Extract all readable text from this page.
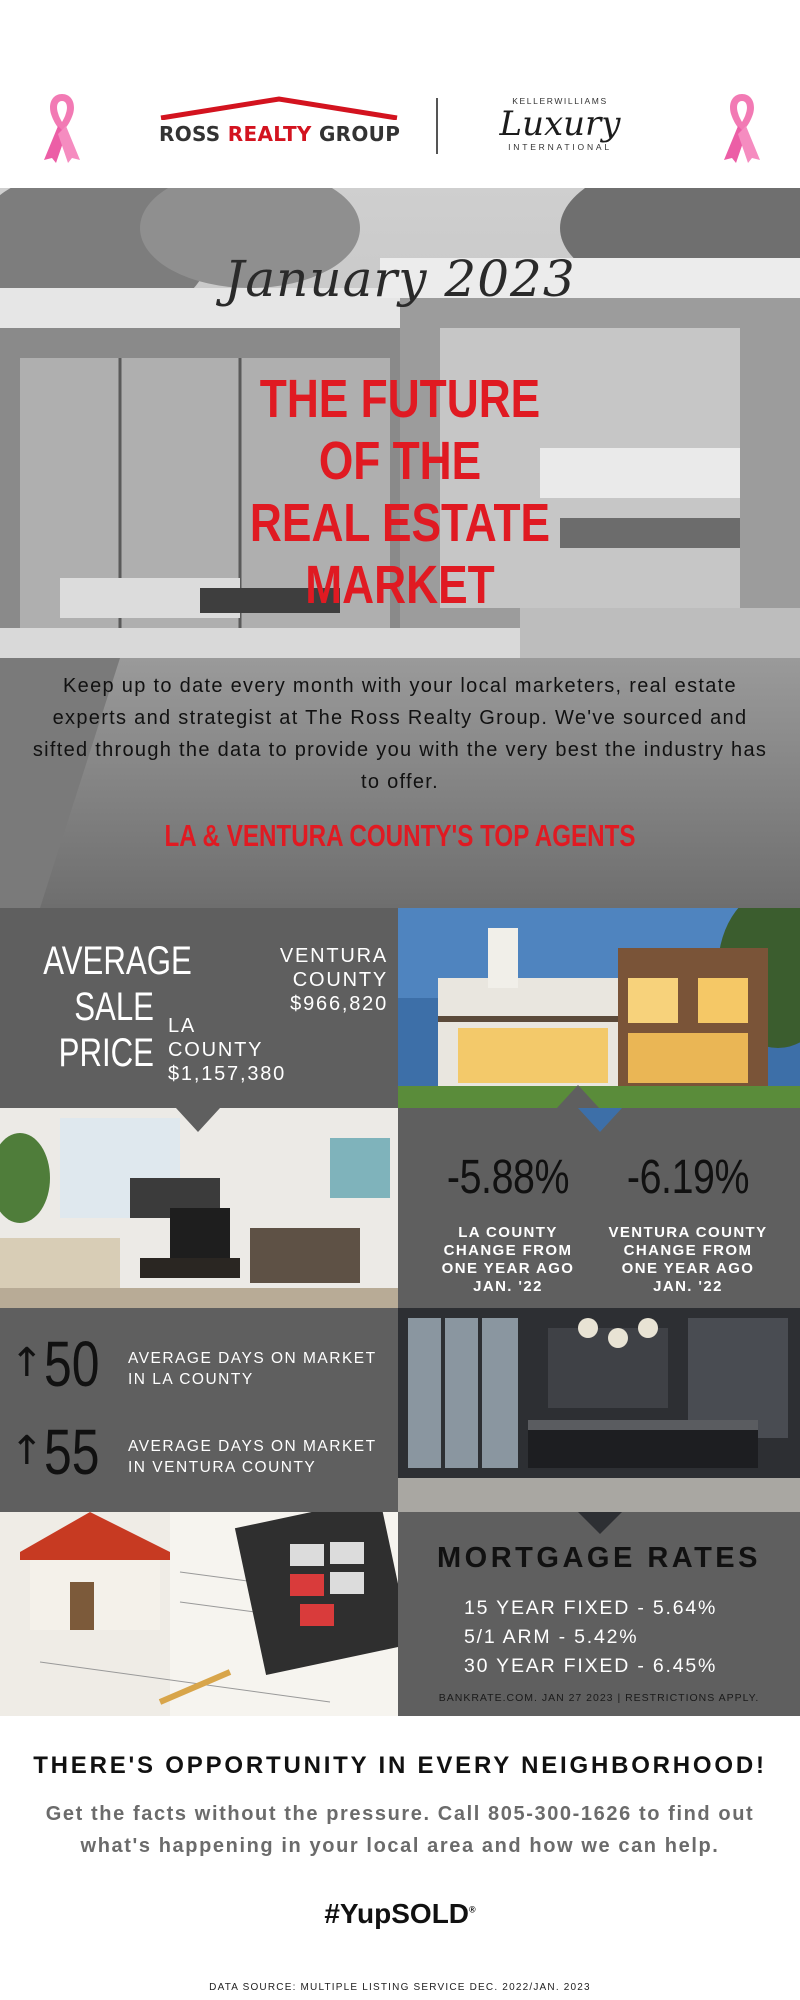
ROSS REALTY GROUP
KELLERWILLIAMS
Luxury
INTERNATIONAL
January 2023
THE FUTURE
OF THE
REAL ESTATE
MARKET
Keep up to date every month with your local marketers, real estate experts and strategist at The Ross Realty Group. We've sourced and sifted through the data to provide you with the very best the industry has to offer.
LA & VENTURA COUNTY'S TOP AGENTS
AVERAGE
SALE
PRICE
VENTURA
COUNTY
$966,820
LA
COUNTY
$1,157,380
-5.88%
LA COUNTY
CHANGE FROM
ONE YEAR AGO
JAN. '22
-6.19%
VENTURA COUNTY
CHANGE FROM
ONE YEAR AGO
JAN. '22
↑ 50 AVERAGE DAYS ON MARKET
IN LA COUNTY
↑ 55 AVERAGE DAYS ON MARKET
IN VENTURA COUNTY
MORTGAGE RATES
15 YEAR FIXED - 5.64%
5/1 ARM - 5.42%
30 YEAR FIXED - 6.45%
BANKRATE.COM. JAN 27 2023 | RESTRICTIONS APPLY.
THERE'S OPPORTUNITY IN EVERY NEIGHBORHOOD!
Get the facts without the pressure. Call 805-300-1626 to find out what's happening in your local area and how we can help.
#YupSOLD®
DATA SOURCE: MULTIPLE LISTING SERVICE DEC. 2022/JAN. 2023
